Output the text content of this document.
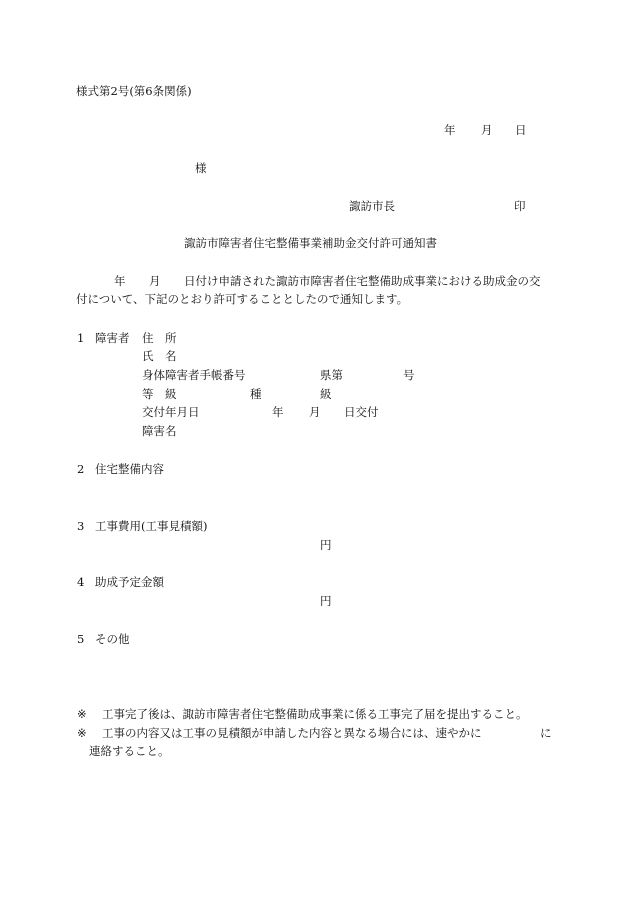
様式第2号(第6条関係)
年 月 日
様
諏訪市長	印
諏訪市障害者住宅整備事業補助金交付許可通知書
年 月 日付け申請された諏訪市障害者住宅整備助成事業における助成金の交
付について、下記のとおり許可することとしたので通知します。
1 障害者 住　所
氏　名
身体障害者手帳番号	県第	号
等　級	種	級
交付年月日	年 月 日交付
障害名
2 住宅整備内容
3 工事費用(工事見積額)
円
4 助成予定金額
円
5 その他
※ 工事完了後は、諏訪市障害者住宅整備助成事業に係る工事完了届を提出すること。
※ 工事の内容又は工事の見積額が申請した内容と異なる場合には、速やかに	に
連絡すること。
